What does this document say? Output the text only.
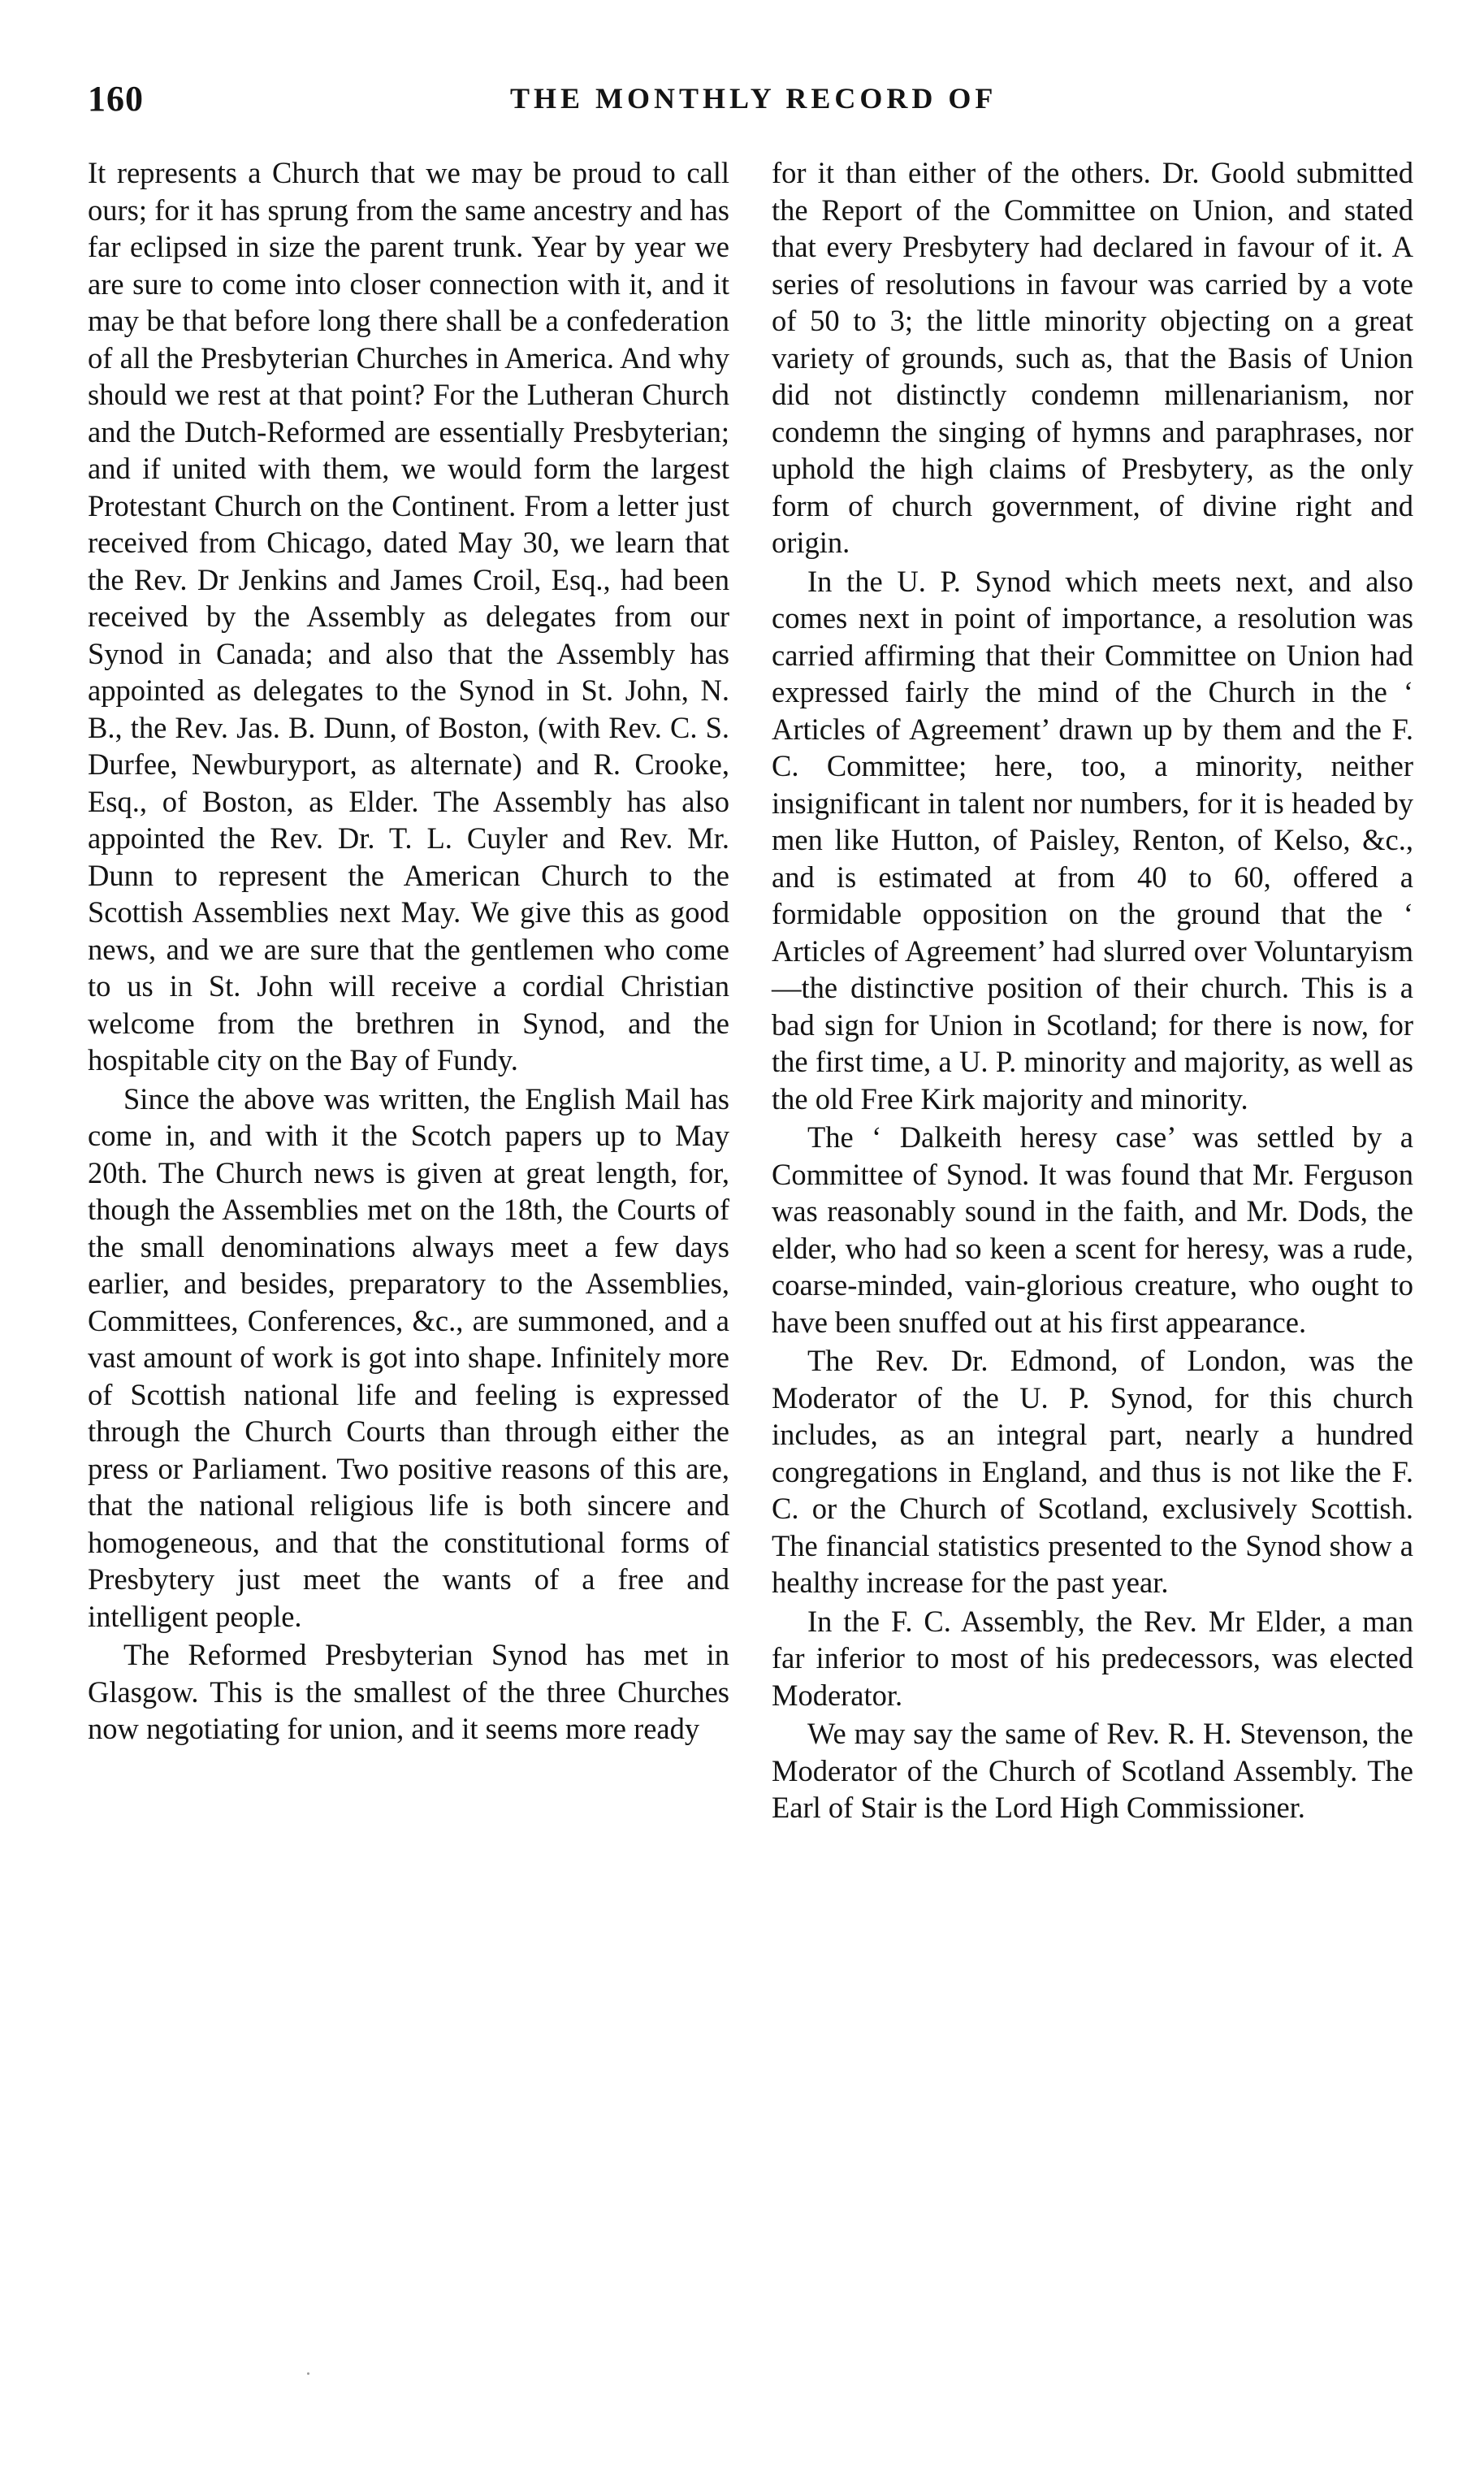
160	THE MONTHLY RECORD OF

It represents a Church that we may be proud to call ours; for it has sprung from the same ancestry and has far eclipsed in size the parent trunk. Year by year we are sure to come into closer connection with it, and it may be that before long there shall be a confederation of all the Presbyterian Churches in America. And why should we rest at that point? For the Lutheran Church and the Dutch-Reformed are essentially Presbyterian; and if united with them, we would form the largest Protestant Church on the Continent. From a letter just received from Chicago, dated May 30, we learn that the Rev. Dr Jenkins and James Croil, Esq., had been received by the Assembly as delegates from our Synod in Canada; and also that the Assembly has appointed as delegates to the Synod in St. John, N. B., the Rev. Jas. B. Dunn, of Boston, (with Rev. C. S. Durfee, Newburyport, as alternate) and R. Crooke, Esq., of Boston, as Elder. The Assembly has also appointed the Rev. Dr. T. L. Cuyler and Rev. Mr. Dunn to represent the American Church to the Scottish Assemblies next May. We give this as good news, and we are sure that the gentlemen who come to us in St. John will receive a cordial Christian welcome from the brethren in Synod, and the hospitable city on the Bay of Fundy.

Since the above was written, the English Mail has come in, and with it the Scotch papers up to May 20th. The Church news is given at great length, for, though the Assemblies met on the 18th, the Courts of the small denominations always meet a few days earlier, and besides, preparatory to the Assemblies, Committees, Conferences, &c., are summoned, and a vast amount of work is got into shape. Infinitely more of Scottish national life and feeling is expressed through the Church Courts than through either the press or Parliament. Two positive reasons of this are, that the national religious life is both sincere and homogeneous, and that the constitutional forms of Presbytery just meet the wants of a free and intelligent people.

The Reformed Presbyterian Synod has met in Glasgow. This is the smallest of the three Churches now negotiating for union, and it seems more ready

for it than either of the others. Dr. Goold submitted the Report of the Committee on Union, and stated that every Presbytery had declared in favour of it. A series of resolutions in favour was carried by a vote of 50 to 3; the little minority objecting on a great variety of grounds, such as, that the Basis of Union did not distinctly condemn millenarianism, nor condemn the singing of hymns and paraphrases, nor uphold the high claims of Presbytery, as the only form of church government, of divine right and origin.

In the U. P. Synod which meets next, and also comes next in point of importance, a resolution was carried affirming that their Committee on Union had expressed fairly the mind of the Church in the ‘ Articles of Agreement’ drawn up by them and the F. C. Committee; here, too, a minority, neither insignificant in talent nor numbers, for it is headed by men like Hutton, of Paisley, Renton, of Kelso, &c., and is estimated at from 40 to 60, offered a formidable opposition on the ground that the ‘ Articles of Agreement’ had slurred over Voluntaryism—the distinctive position of their church. This is a bad sign for Union in Scotland; for there is now, for the first time, a U. P. minority and majority, as well as the old Free Kirk majority and minority.

The ‘ Dalkeith heresy case’ was settled by a Committee of Synod. It was found that Mr. Ferguson was reasonably sound in the faith, and Mr. Dods, the elder, who had so keen a scent for heresy, was a rude, coarse-minded, vain-glorious creature, who ought to have been snuffed out at his first appearance.

The Rev. Dr. Edmond, of London, was the Moderator of the U. P. Synod, for this church includes, as an integral part, nearly a hundred congregations in England, and thus is not like the F. C. or the Church of Scotland, exclusively Scottish. The financial statistics presented to the Synod show a healthy increase for the past year.

In the F. C. Assembly, the Rev. Mr Elder, a man far inferior to most of his predecessors, was elected Moderator.

We may say the same of Rev. R. H. Stevenson, the Moderator of the Church of Scotland Assembly. The Earl of Stair is the Lord High Commissioner.
